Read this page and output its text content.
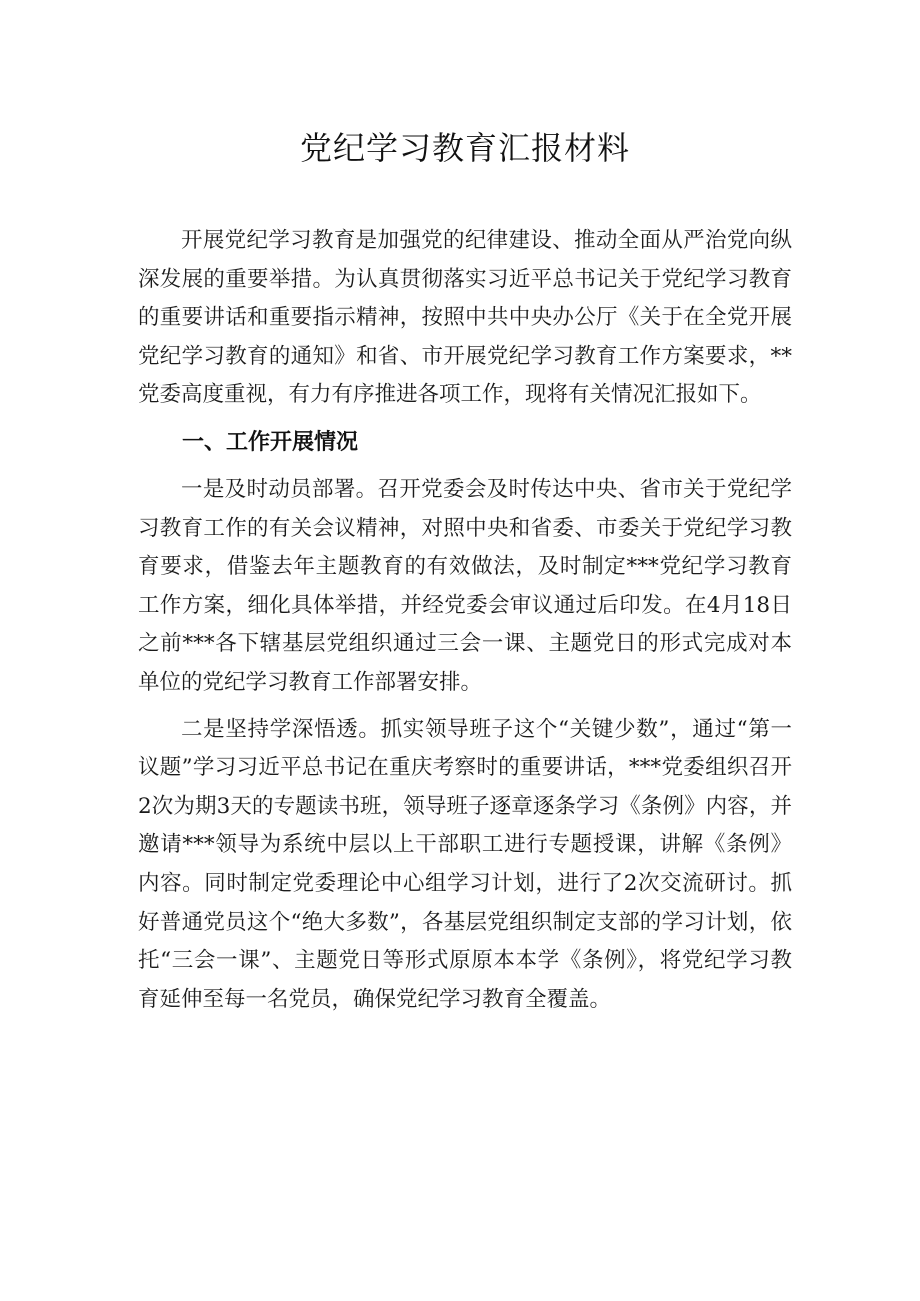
党纪学习教育汇报材料

开展党纪学习教育是加强党的纪律建设、推动全面从严治党向纵深发展的重要举措。为认真贯彻落实习近平总书记关于党纪学习教育的重要讲话和重要指示精神，按照中共中央办公厅《关于在全党开展党纪学习教育的通知》和省、市开展党纪学习教育工作方案要求，**党委高度重视，有力有序推进各项工作，现将有关情况汇报如下。

一、工作开展情况

一是及时动员部署。召开党委会及时传达中央、省市关于党纪学习教育工作的有关会议精神，对照中央和省委、市委关于党纪学习教育要求，借鉴去年主题教育的有效做法，及时制定***党纪学习教育工作方案，细化具体举措，并经党委会审议通过后印发。在4月18日之前***各下辖基层党组织通过三会一课、主题党日的形式完成对本单位的党纪学习教育工作部署安排。

二是坚持学深悟透。抓实领导班子这个“关键少数”，通过“第一议题”学习习近平总书记在重庆考察时的重要讲话，***党委组织召开2次为期3天的专题读书班，领导班子逐章逐条学习《条例》内容，并邀请***领导为系统中层以上干部职工进行专题授课，讲解《条例》内容。同时制定党委理论中心组学习计划，进行了2次交流研讨。抓好普通党员这个“绝大多数”，各基层党组织制定支部的学习计划，依托“三会一课”、主题党日等形式原原本本学《条例》，将党纪学习教育延伸至每一名党员，确保党纪学习教育全覆盖。
